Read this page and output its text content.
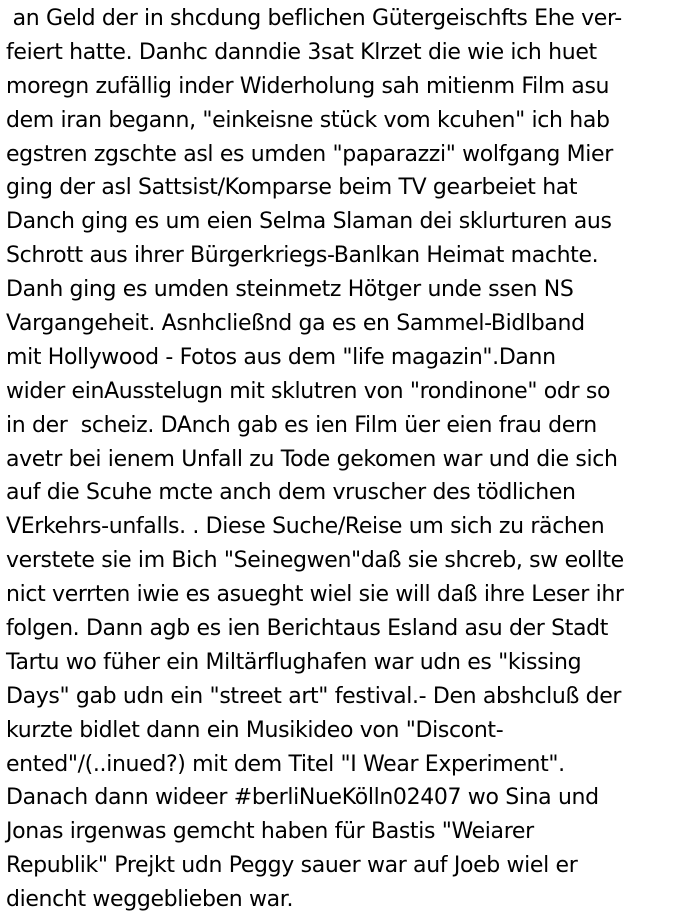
an Geld der in shcdung beflichen Gütergeischfts Ehe ver-
feiert hatte. Danhc danndie 3sat Klrzet die wie ich huet
moregn zufällig inder Widerholung sah mitienm Film asu
dem iran begann, "einkeisne stück vom kcuhen" ich hab
egstren zgschte asl es umden "paparazzi" wolfgang Mier
ging der asl Sattsist/Komparse beim TV gearbeiet hat
Danch ging es um eien Selma Slaman dei sklurturen aus
Schrott aus ihrer Bürgerkriegs-Banlkan Heimat machte.
Danh ging es umden steinmetz Hötger unde ssen NS
Vargangeheit. Asnhcließnd ga es en Sammel-Bidlband
mit Hollywood - Fotos aus dem "life magazin".Dann
wider einAusstelugn mit sklutren von "rondinone" odr so
in der  scheiz. DAnch gab es ien Film üer eien frau dern
avetr bei ienem Unfall zu Tode gekomen war und die sich
auf die Scuhe mcte anch dem vruscher des tödlichen
VErkehrs-unfalls. . Diese Suche/Reise um sich zu rächen
verstete sie im Bich "Seinegwen"daß sie shcreb, sw eollte
nict verrten iwie es asueght wiel sie will daß ihre Leser ihr
folgen. Dann agb es ien Berichtaus Esland asu der Stadt
Tartu wo füher ein Miltärflughafen war udn es "kissing
Days" gab udn ein "street art" festival.- Den abshcluß der
kurzte bidlet dann ein Musikideo von "Discont-
ented"/(..inued?) mit dem Titel "I Wear Experiment".
Danach dann wideer #berliNueKölln02407 wo Sina und
Jonas irgenwas gemcht haben für Bastis "Weiarer
Republik" Prejkt udn Peggy sauer war auf Joeb wiel er
diencht weggeblieben war.
